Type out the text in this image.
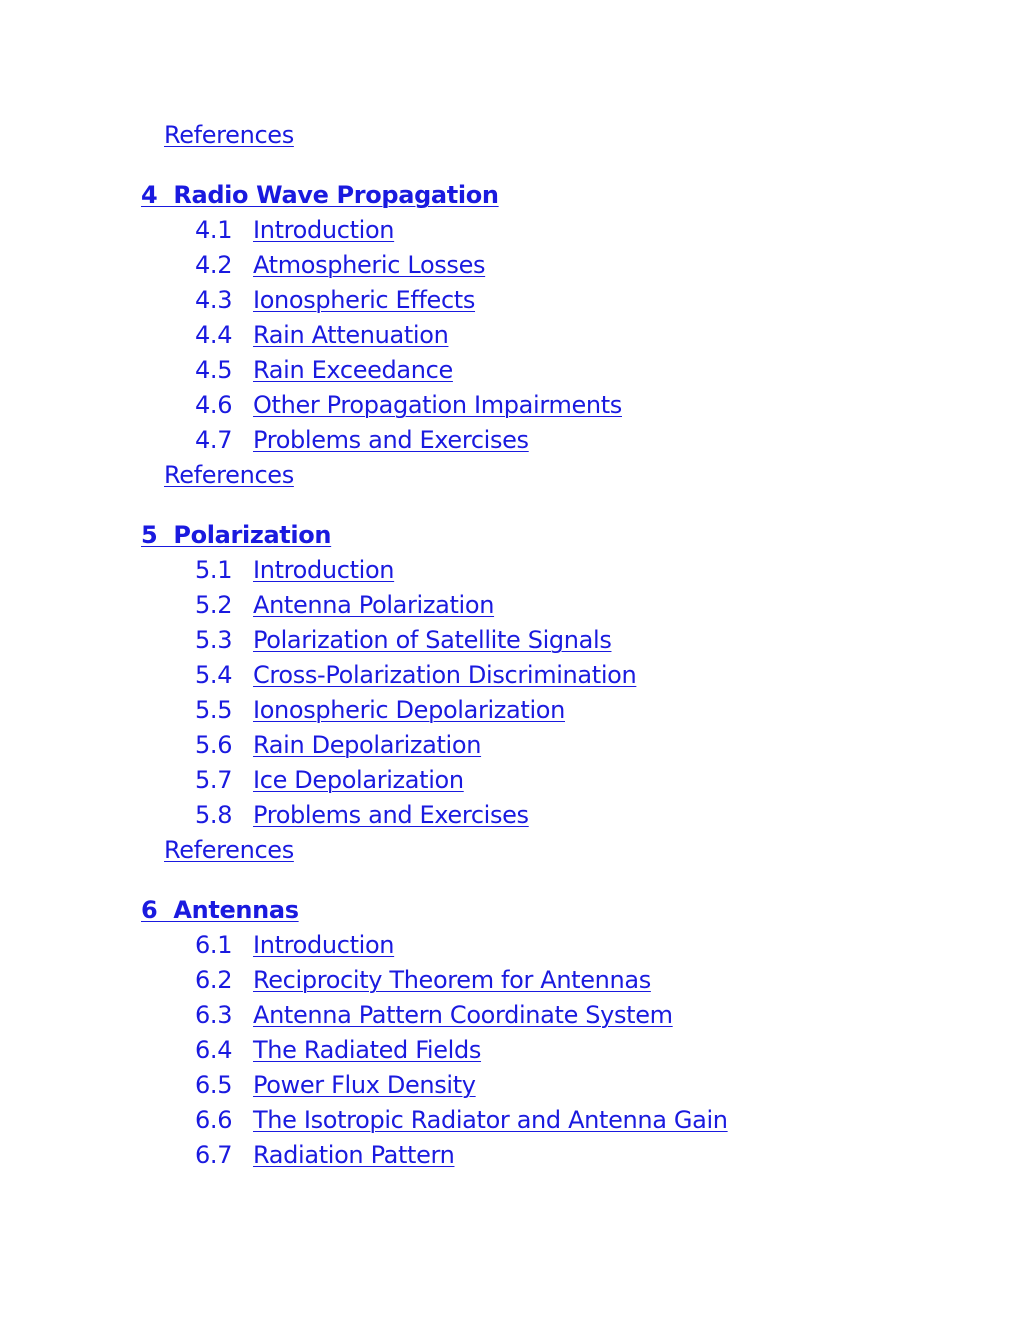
References
4  Radio Wave Propagation
4.1 Introduction
4.2 Atmospheric Losses
4.3 Ionospheric Effects
4.4 Rain Attenuation
4.5 Rain Exceedance
4.6 Other Propagation Impairments
4.7 Problems and Exercises
References
5  Polarization
5.1 Introduction
5.2 Antenna Polarization
5.3 Polarization of Satellite Signals
5.4 Cross-Polarization Discrimination
5.5 Ionospheric Depolarization
5.6 Rain Depolarization
5.7 Ice Depolarization
5.8 Problems and Exercises
References
6  Antennas
6.1 Introduction
6.2 Reciprocity Theorem for Antennas
6.3 Antenna Pattern Coordinate System
6.4 The Radiated Fields
6.5 Power Flux Density
6.6 The Isotropic Radiator and Antenna Gain
6.7 Radiation Pattern
